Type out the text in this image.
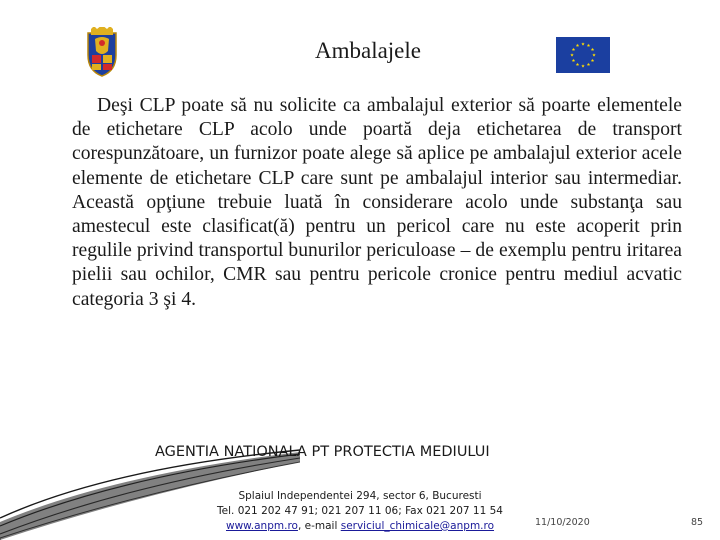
Ambalajele

Deşi CLP poate să nu solicite ca ambalajul exterior să poarte elementele de etichetare CLP acolo unde poartă deja etichetarea de transport corespunzătoare, un furnizor poate alege să aplice pe ambalajul exterior acele elemente de etichetare CLP care sunt pe ambalajul interior sau intermediar. Această opţiune trebuie luată în considerare acolo unde substanţa sau amestecul este clasificat(ă) pentru un pericol care nu este acoperit prin regulile privind transportul bunurilor periculoase – de exemplu pentru iritarea pielii sau ochilor, CMR sau pentru pericole cronice pentru mediul acvatic categoria 3 şi 4.

AGENTIA NATIONALA PT PROTECTIA MEDIULUI
Splaiul Independentei 294, sector 6, Bucuresti
Tel. 021 202 47 91; 021 207 11 06; Fax 021 207 11 54
www.anpm.ro, e-mail serviciul_chimicale@anpm.ro	11/10/2020	85
